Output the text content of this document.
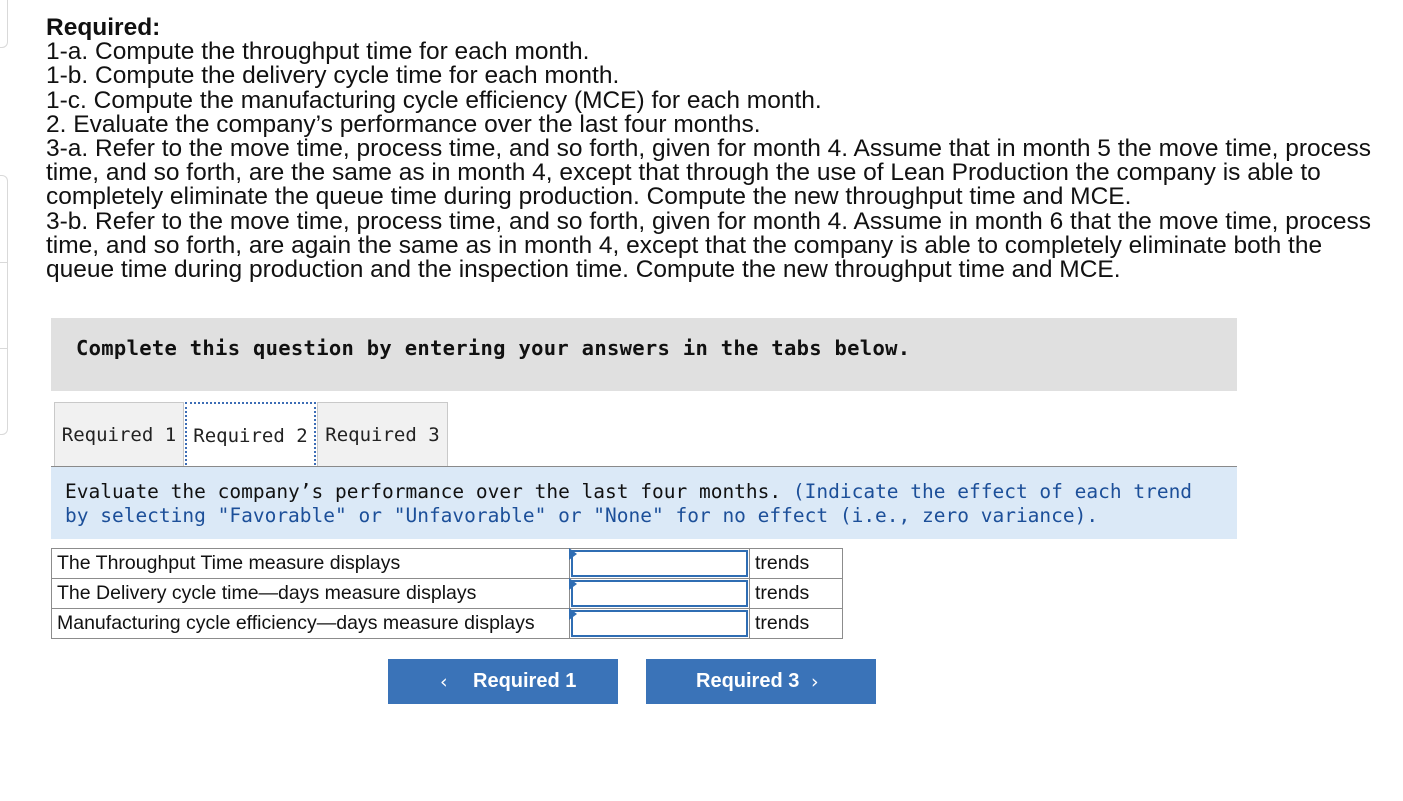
Required:
1-a. Compute the throughput time for each month.
1-b. Compute the delivery cycle time for each month.
1-c. Compute the manufacturing cycle efficiency (MCE) for each month.
2. Evaluate the company’s performance over the last four months.
3-a. Refer to the move time, process time, and so forth, given for month 4. Assume that in month 5 the move time, process time, and so forth, are the same as in month 4, except that through the use of Lean Production the company is able to completely eliminate the queue time during production. Compute the new throughput time and MCE.
3-b. Refer to the move time, process time, and so forth, given for month 4. Assume in month 6 that the move time, process time, and so forth, are again the same as in month 4, except that the company is able to completely eliminate both the queue time during production and the inspection time. Compute the new throughput time and MCE.
Complete this question by entering your answers in the tabs below.
Required 1 Required 2 Required 3

Evaluate the company’s performance over the last four months. (Indicate the effect of each trend by selecting "Favorable" or "Unfavorable" or "None" for no effect (i.e., zero variance).

The Throughput Time measure displays		trends
The Delivery cycle time—days measure displays		trends
Manufacturing cycle efficiency—days measure displays		trends
‹ Required 1	Required 3 ›
